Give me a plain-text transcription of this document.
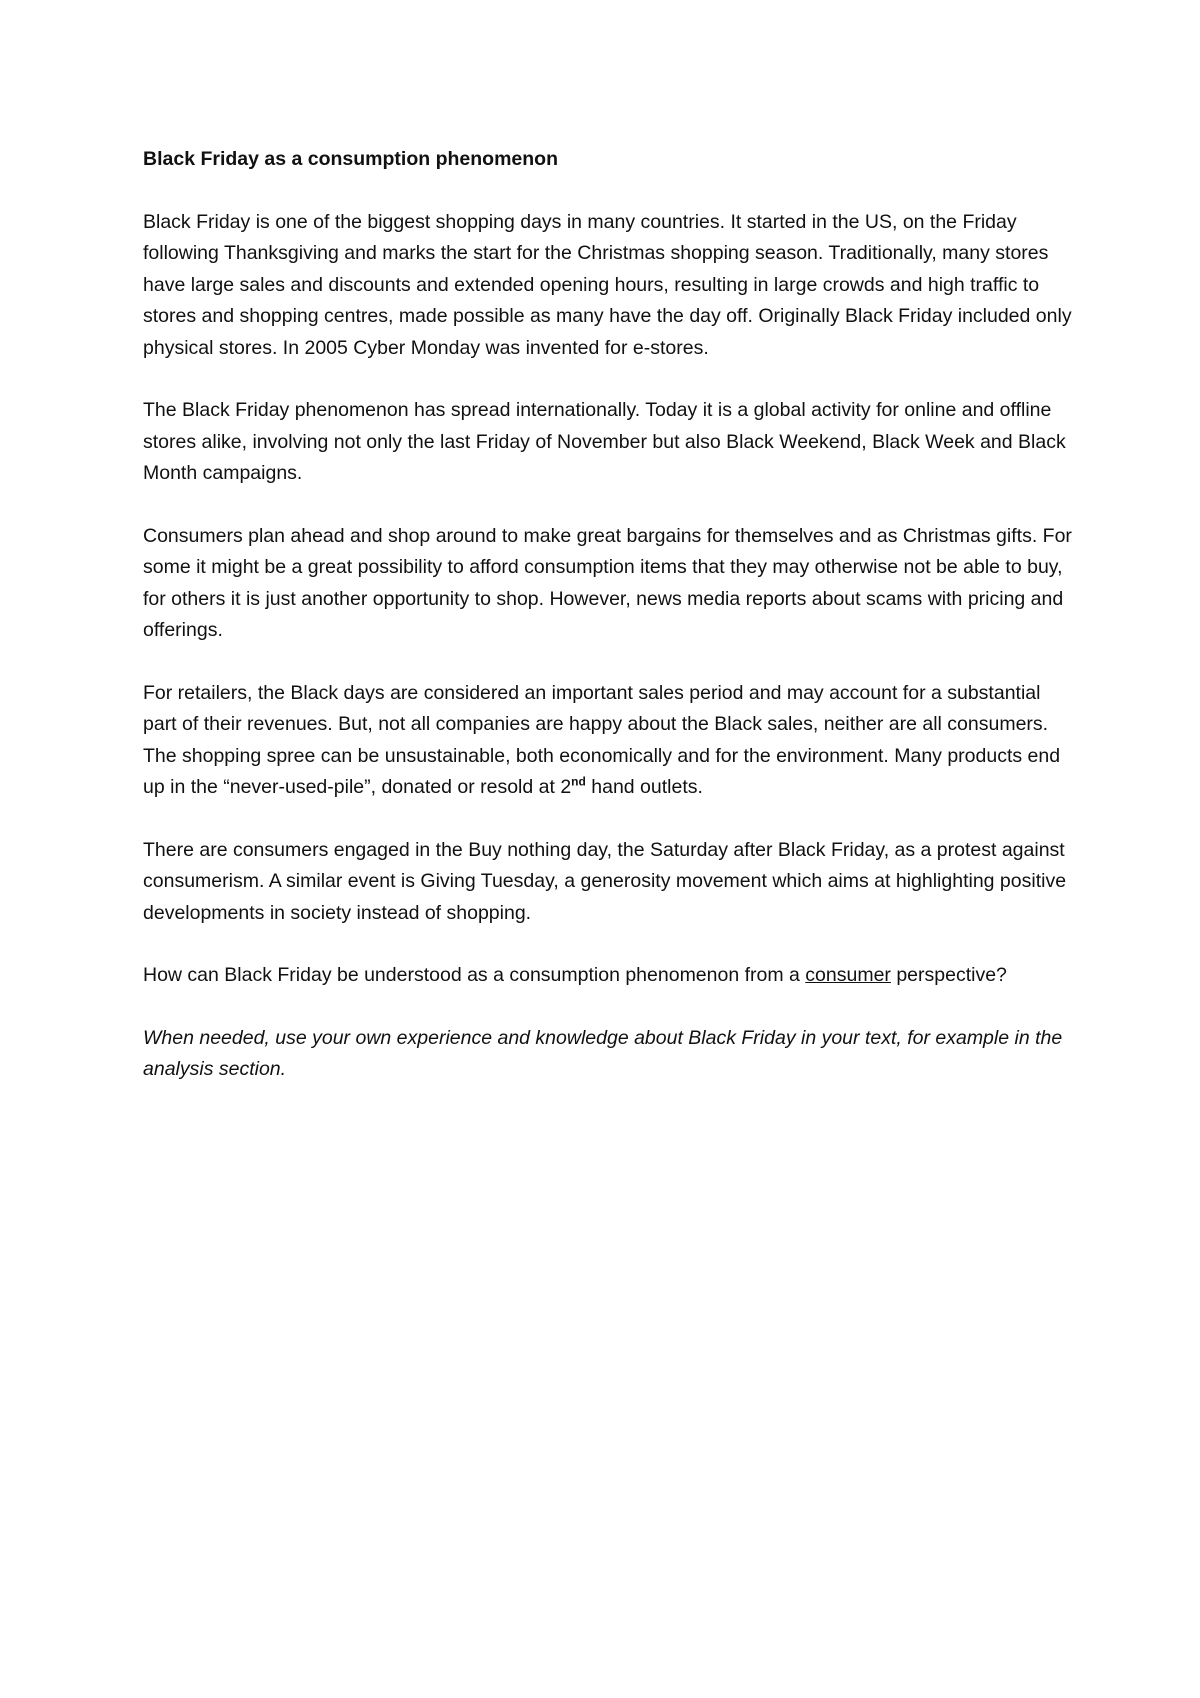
Black Friday as a consumption phenomenon

Black Friday is one of the biggest shopping days in many countries. It started in the US, on the Friday following Thanksgiving and marks the start for the Christmas shopping season. Traditionally, many stores have large sales and discounts and extended opening hours, resulting in large crowds and high traffic to stores and shopping centres, made possible as many have the day off. Originally Black Friday included only physical stores. In 2005 Cyber Monday was invented for e-stores.

The Black Friday phenomenon has spread internationally. Today it is a global activity for online and offline stores alike, involving not only the last Friday of November but also Black Weekend, Black Week and Black Month campaigns.

Consumers plan ahead and shop around to make great bargains for themselves and as Christmas gifts. For some it might be a great possibility to afford consumption items that they may otherwise not be able to buy, for others it is just another opportunity to shop. However, news media reports about scams with pricing and offerings.

For retailers, the Black days are considered an important sales period and may account for a substantial part of their revenues. But, not all companies are happy about the Black sales, neither are all consumers. The shopping spree can be unsustainable, both economically and for the environment. Many products end up in the “never-used-pile”, donated or resold at 2nd hand outlets.

There are consumers engaged in the Buy nothing day, the Saturday after Black Friday, as a protest against consumerism. A similar event is Giving Tuesday, a generosity movement which aims at highlighting positive developments in society instead of shopping.

How can Black Friday be understood as a consumption phenomenon from a consumer perspective?

When needed, use your own experience and knowledge about Black Friday in your text, for example in the analysis section.
